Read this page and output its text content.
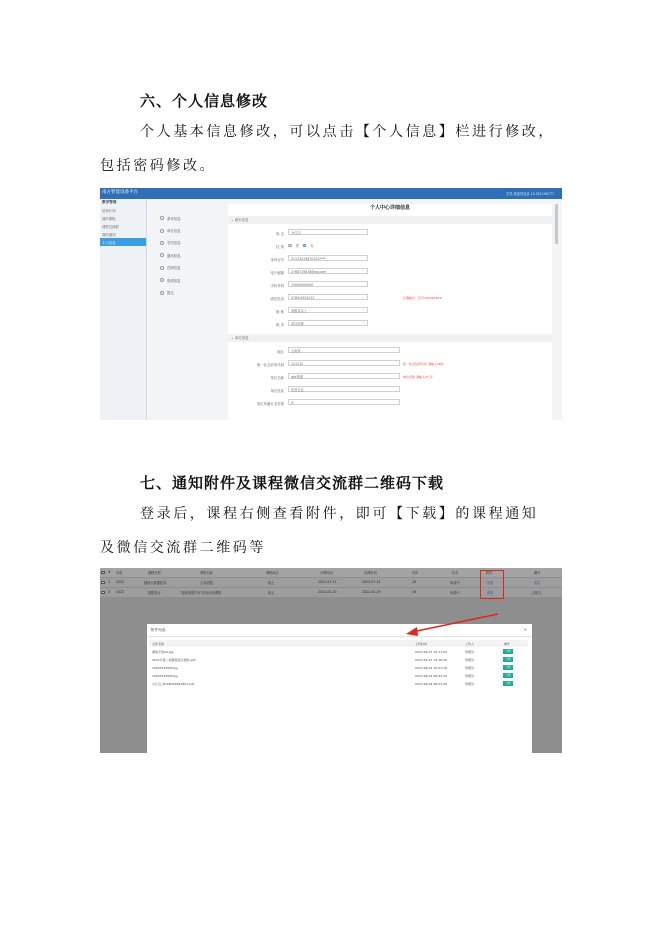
六、个人信息修改
个人基本信息修改，可以点击【个人信息】栏进行修改，
包括密码修改。
南方智能设备平台	学员 欢迎您登录 13-321190777
教学管理
培训计划
我的课程
课程交流群
我的通知
个人信息
基本信息
单位信息
学历信息
通讯信息
在职信息
资质信息
提交
个人中心详细信息
⌄ 基本信息
姓 名	小红边
性 别	男	女
身份证号	51123419870101****
电子邮箱	2768719878@qq.com
手机号码	15000000000
固定电话	0769-0591012	正确格式：区号-XXXXXXXX
职 称	高级及以上	⌄
职 务	项目经理	⌄
⌄ 单位信息
地区	云南省
统一社会信用代码	121212	统一社会信用代码 请输入18位
单位名称	abc集团	单位名称 请输入4个字
单位性质	民营企业
单位所属行业类别	IT
七、通知附件及课程微信交流群二维码下载
登录后，课程右侧查看附件，即可【下载】的课程通知
及微信交流群二维码等
# 年度	课程类型	课程名称	课程地点	开课时间	结课时间	学时	状态	附件	操作
1 2022	继续大数据技术	公共试题	线上	2022-07-11	2022-07-14	16	申请中	查看	报名
2 2022	数据设计	"智能网联汽车"项目培训课程	线上	2022-05-20	2022-05-29	16	申请中	查看	已报名
附件列表	×
文件名称	上传时间	上传人	操作
课程介绍44.jpg	2022-06-27 12:11:00	管理员	下载
2021年第二期课程招生通知.pdf	2022-04-27 13:18:36	管理员	下载
1650574350F.jpg	2022-06-22 15:21:18	管理员	下载
1650574350F.jpg	2022-06-22 08:43:35	管理员	下载
小红边_5DCB202561801.pdf	2022-06-04 08:51:28	管理员	下载
